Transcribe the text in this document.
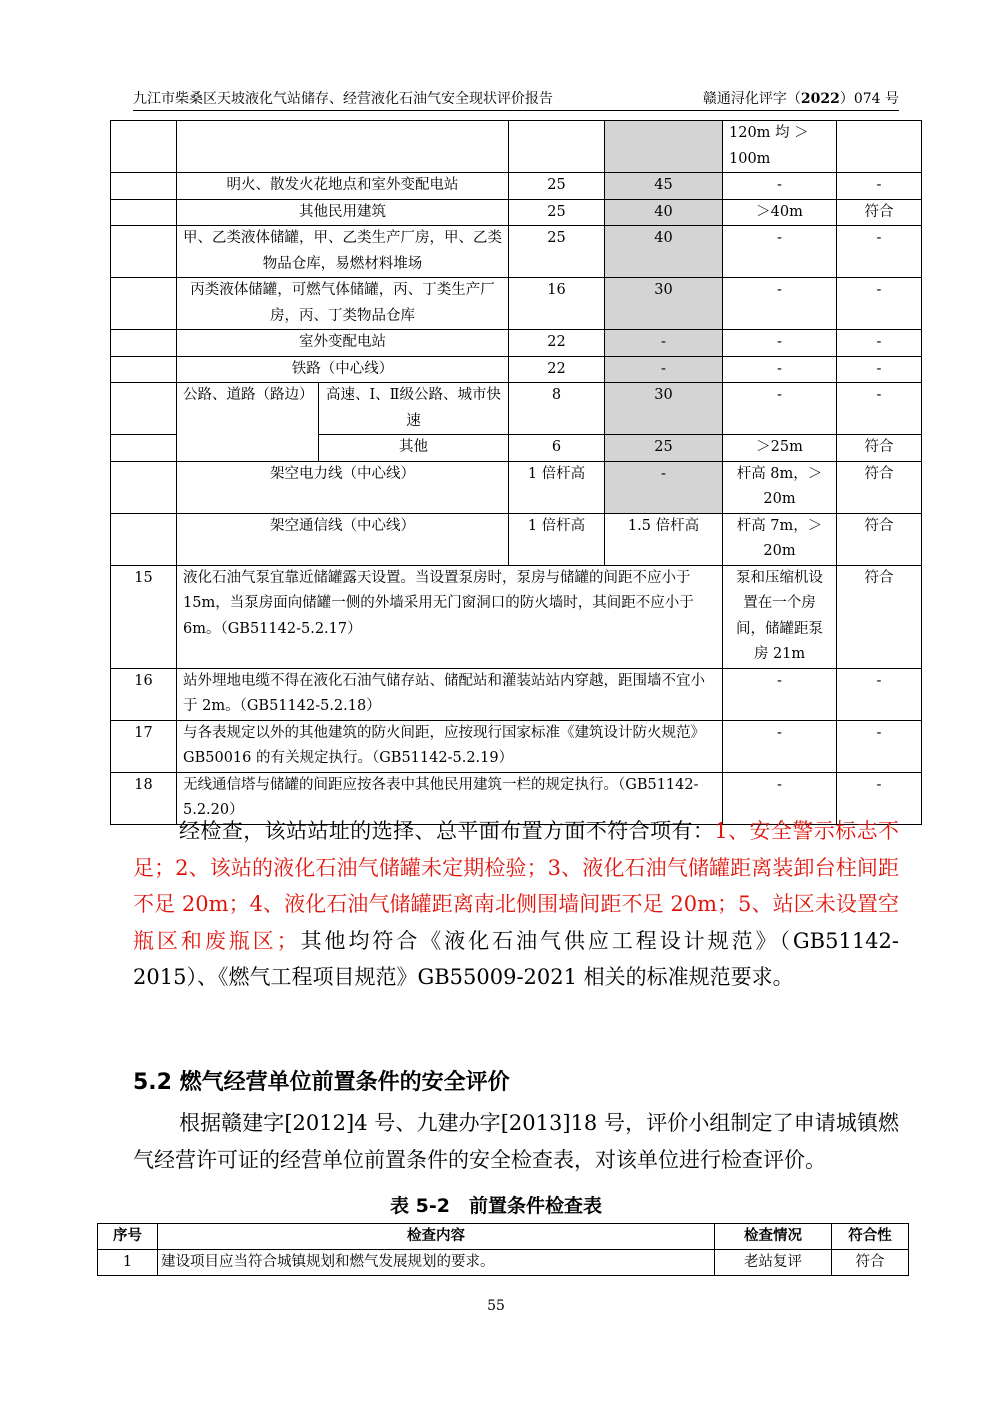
九江市柴桑区天坡液化气站储存、经营液化石油气安全现状评价报告	赣通浔化评字（2022）074 号
					120m 均 ＞100m	
	明火、散发火花地点和室外变配电站		25	45	-	-
	其他民用建筑		25	40	＞40m	符合
	甲、乙类液体储罐，甲、乙类生产厂房，甲、乙类物品仓库，易燃材料堆场		25	40	-	-
	丙类液体储罐，可燃气体储罐，丙、丁类生产厂房，丙、丁类物品仓库		16	30	-	-
	室外变配电站		22	-	-	-
	铁路（中心线）		22	-	-	-
	公路、道路（路边）	高速、Ⅰ、Ⅱ级公路、城市快速	8	30	-	-
		其他	6	25	＞25m	符合
	架空电力线（中心线）		1 倍杆高	-	杆高 8m，＞20m	符合
	架空通信线（中心线）		1 倍杆高	1.5 倍杆高	杆高 7m，＞20m	符合
15	液化石油气泵宜靠近储罐露天设置。当设置泵房时，泵房与储罐的间距不应小于 15m，当泵房面向储罐一侧的外墙采用无门窗洞口的防火墙时，其间距不应小于 6m。（GB51142-5.2.17）				泵和压缩机设置在一个房间，储罐距泵房 21m	符合
16	站外埋地电缆不得在液化石油气储存站、储配站和灌装站站内穿越，距围墙不宜小于 2m。（GB51142-5.2.18）				-	-
17	与各表规定以外的其他建筑的防火间距，应按现行国家标准《建筑设计防火规范》GB50016 的有关规定执行。（GB51142-5.2.19）				-	-
18	无线通信塔与储罐的间距应按各表中其他民用建筑一栏的规定执行。（GB51142-5.2.20）				-	-
经检查，该站站址的选择、总平面布置方面不符合项有：1、安全警示标志不足；2、该站的液化石油气储罐未定期检验；3、液化石油气储罐距离装卸台柱间距不足 20m；4、液化石油气储罐距离南北侧围墙间距不足 20m；5、站区未设置空瓶区和废瓶区；其他均符合《液化石油气供应工程设计规范》（GB51142-2015）、《燃气工程项目规范》GB55009-2021 相关的标准规范要求。
5.2 燃气经营单位前置条件的安全评价
根据赣建字[2012]4 号、九建办字[2013]18 号，评价小组制定了申请城镇燃气经营许可证的经营单位前置条件的安全检查表，对该单位进行检查评价。
表 5-2　前置条件检查表
序号	检查内容	检查情况	符合性
1	建设项目应当符合城镇规划和燃气发展规划的要求。	老站复评	符合
55
